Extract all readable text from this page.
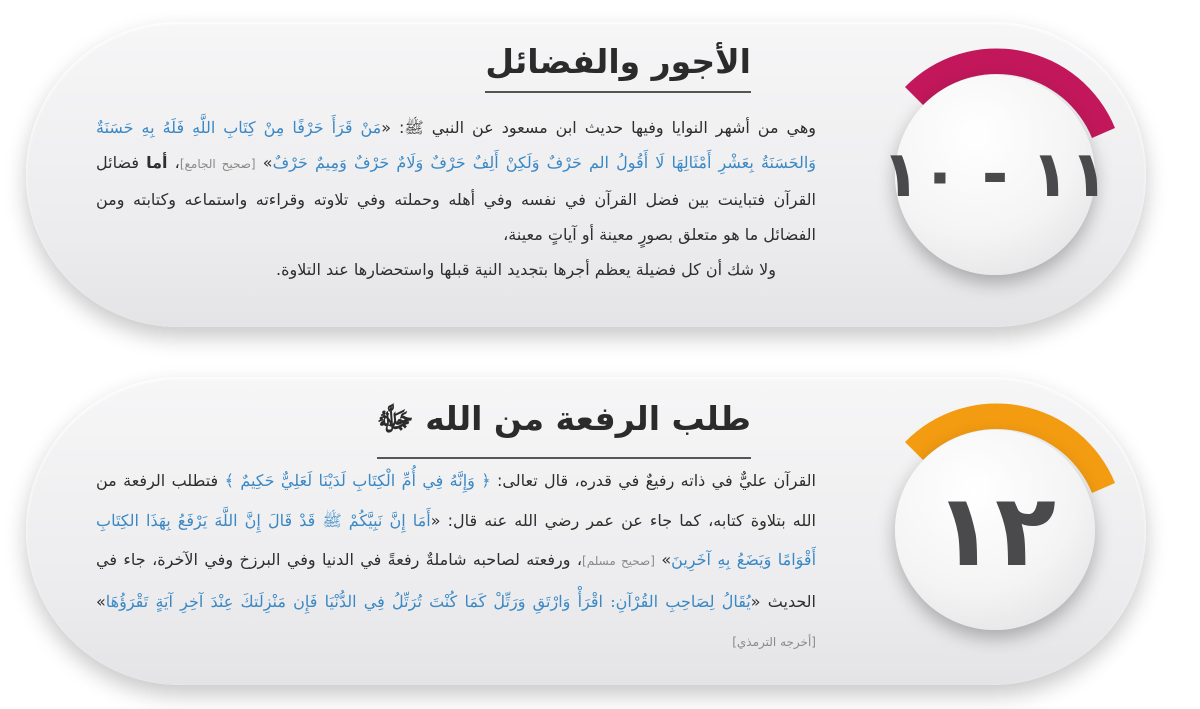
الأجور والفضائل

وهي من أشهر النوايا وفيها حديث ابن مسعود عن النبي ﷺ: «مَنْ قَرَأَ حَرْفًا مِنْ كِتَابِ اللَّهِ فَلَهُ بِهِ حَسَنَةٌ وَالحَسَنَةُ بِعَشْرِ أَمْثَالِهَا لَا أَقُولُ الم حَرْفٌ وَلَكِنْ أَلِفٌ حَرْفٌ وَلَامٌ حَرْفٌ وَمِيمٌ حَرْفٌ» [صحيح الجامع]، أما فضائل القرآن فتباينت بين فضل القرآن في نفسه وفي أهله وحملته وفي تلاوته وقراءته واستماعه وكتابته ومن الفضائل ما هو متعلق بصورٍ معينة أو آياتٍ معينة،

ولا شك أن كل فضيلة يعظم أجرها بتجديد النية قبلها واستحضارها عند التلاوة.

١١ - ١٠
طلب الرفعة من الله ﷻ

القرآن عليٌّ في ذاته رفيعٌ في قدره، قال تعالى: ﴿ وَإِنَّهُ فِي أُمِّ الْكِتَابِ لَدَيْنَا لَعَلِيٌّ حَكِيمٌ ﴾ فتطلب الرفعة من الله بتلاوة كتابه، كما جاء عن عمر رضي الله عنه قال: «أَمَا إِنَّ نَبِيَّكُمْ ﷺ قَدْ قَالَ إِنَّ اللَّهَ يَرْفَعُ بِهَذَا الكِتَابِ أَقْوَامًا وَيَضَعُ بِهِ آخَرِينَ» [صحيح مسلم]، ورفعته لصاحبه شاملةٌ رفعةً في الدنيا وفي البرزخ وفي الآخرة، جاء في الحديث «يُقَالُ لِصَاحِبِ القُرْآنِ: اقْرَأْ وَارْتَقِ وَرَتِّلْ كَمَا كُنْتَ تُرَتِّلُ فِي الدُّنْيَا فَإِن مَنْزِلَتكَ عِنْدَ آخِرِ آيَةٍ تَقْرَؤُهَا» [أخرجه الترمذي]

١٢
